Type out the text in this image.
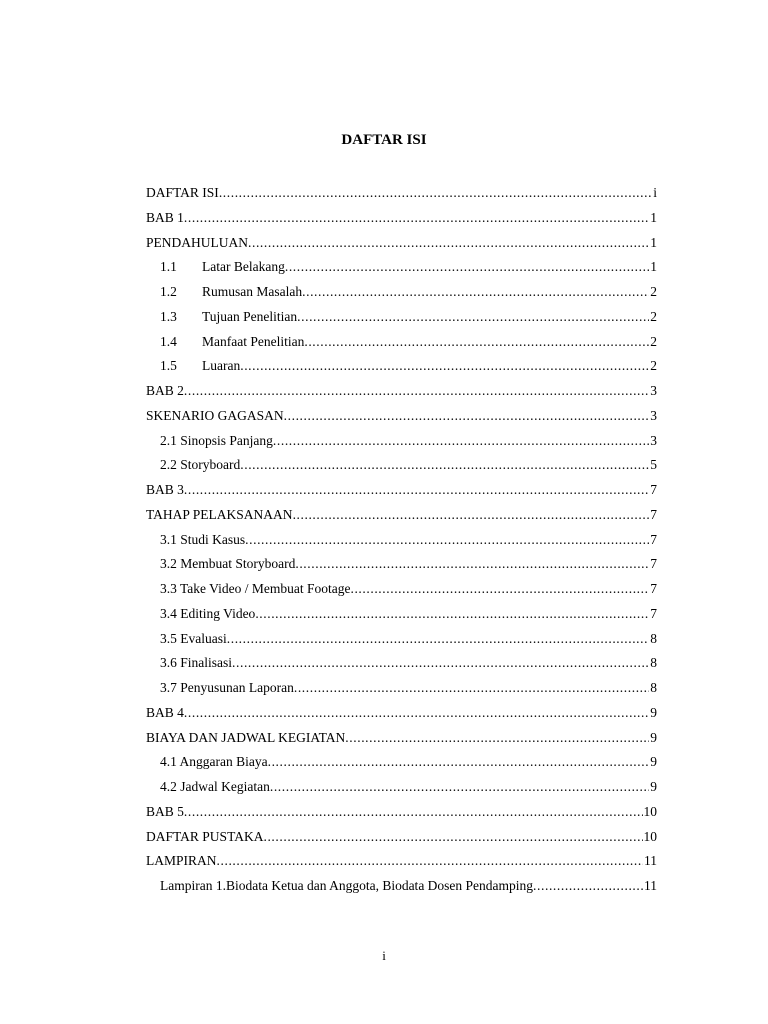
DAFTAR ISI
DAFTAR ISI .....	i
BAB 1 .....	1
PENDAHULUAN .....	1
1.1	Latar Belakang .....	1
1.2	Rumusan Masalah .....	2
1.3	Tujuan Penelitian .....	2
1.4	Manfaat Penelitian .....	2
1.5	Luaran .....	2
BAB 2 .....	3
SKENARIO GAGASAN .....	3
2.1 Sinopsis Panjang .....	3
2.2 Storyboard .....	5
BAB 3 .....	7
TAHAP PELAKSANAAN .....	7
3.1 Studi Kasus .....	7
3.2 Membuat Storyboard .....	7
3.3 Take Video / Membuat Footage .....	7
3.4 Editing Video .....	7
3.5 Evaluasi .....	8
3.6 Finalisasi .....	8
3.7 Penyusunan Laporan .....	8
BAB 4 .....	9
BIAYA DAN JADWAL KEGIATAN .....	9
4.1 Anggaran Biaya .....	9
4.2 Jadwal Kegiatan .....	9
BAB 5 .....	10
DAFTAR PUSTAKA .....	10
LAMPIRAN .....	11
Lampiran 1.Biodata Ketua dan Anggota, Biodata Dosen Pendamping .....	11
i
